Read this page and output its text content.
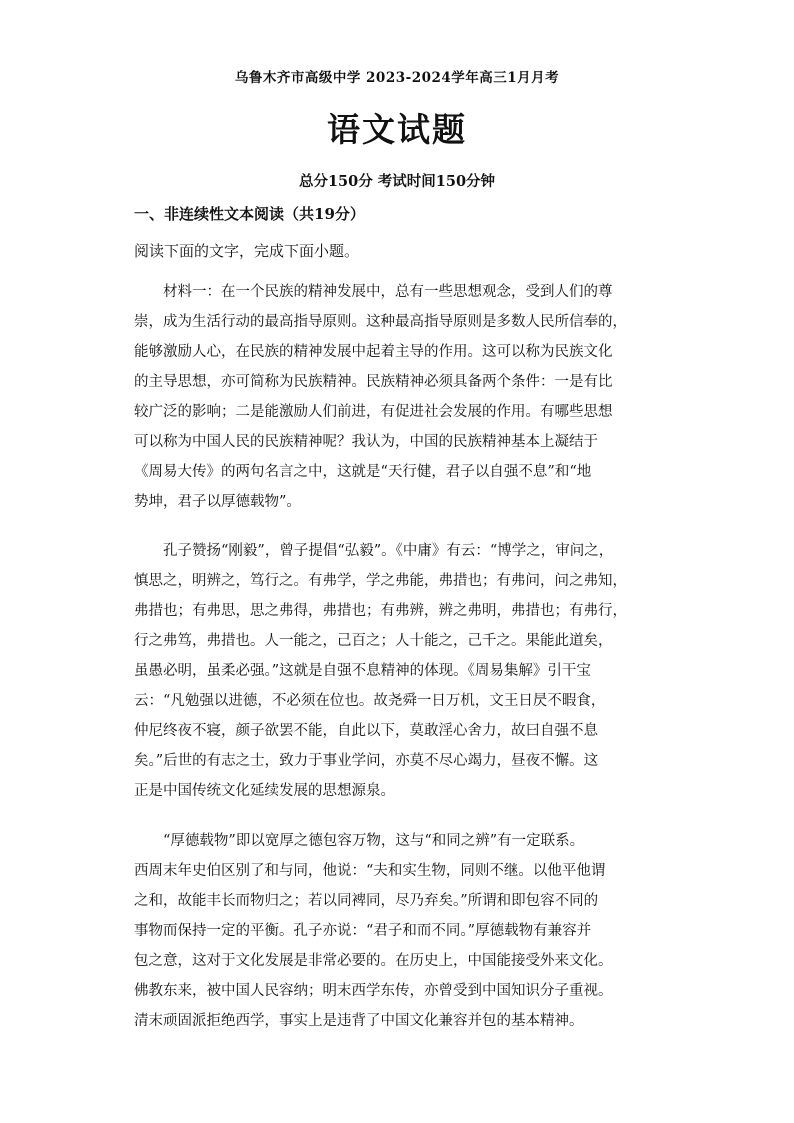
乌鲁木齐市高级中学 2023-2024学年高三1月月考
语文试题
总分150分 考试时间150分钟
一、非连续性文本阅读（共19分）
阅读下面的文字，完成下面小题。

　　材料一：在一个民族的精神发展中，总有一些思想观念，受到人们的尊

崇，成为生活行动的最高指导原则。这种最高指导原则是多数人民所信奉的，

能够激励人心，在民族的精神发展中起着主导的作用。这可以称为民族文化

的主导思想，亦可简称为民族精神。民族精神必须具备两个条件：一是有比

较广泛的影响；二是能激励人们前进，有促进社会发展的作用。有哪些思想

可以称为中国人民的民族精神呢？我认为，中国的民族精神基本上凝结于

《周易大传》的两句名言之中，这就是“天行健，君子以自强不息”和“地

势坤，君子以厚德载物”。

　　孔子赞扬“刚毅”，曾子提倡“弘毅”。《中庸》有云：“博学之，审问之，

慎思之，明辨之，笃行之。有弗学，学之弗能，弗措也；有弗问，问之弗知，

弗措也；有弗思，思之弗得，弗措也；有弗辨，辨之弗明，弗措也；有弗行，

行之弗笃，弗措也。人一能之，己百之；人十能之，己千之。果能此道矣，

虽愚必明，虽柔必强。”这就是自强不息精神的体现。《周易集解》引干宝

云：“凡勉强以进德，不必须在位也。故尧舜一日万机，文王日昃不暇食，

仲尼终夜不寝，颜子欲罢不能，自此以下，莫敢淫心舍力，故曰自强不息

矣。”后世的有志之士，致力于事业学问，亦莫不尽心竭力，昼夜不懈。这

正是中国传统文化延续发展的思想源泉。

　　“厚德载物”即以宽厚之德包容万物，这与“和同之辨”有一定联系。

西周末年史伯区别了和与同，他说：“夫和实生物，同则不继。以他平他谓

之和，故能丰长而物归之；若以同裨同，尽乃弃矣。”所谓和即包容不同的

事物而保持一定的平衡。孔子亦说：“君子和而不同。”厚德载物有兼容并

包之意，这对于文化发展是非常必要的。在历史上，中国能接受外来文化。

佛教东来，被中国人民容纳；明末西学东传，亦曾受到中国知识分子重视。

清末顽固派拒绝西学，事实上是违背了中国文化兼容并包的基本精神。
